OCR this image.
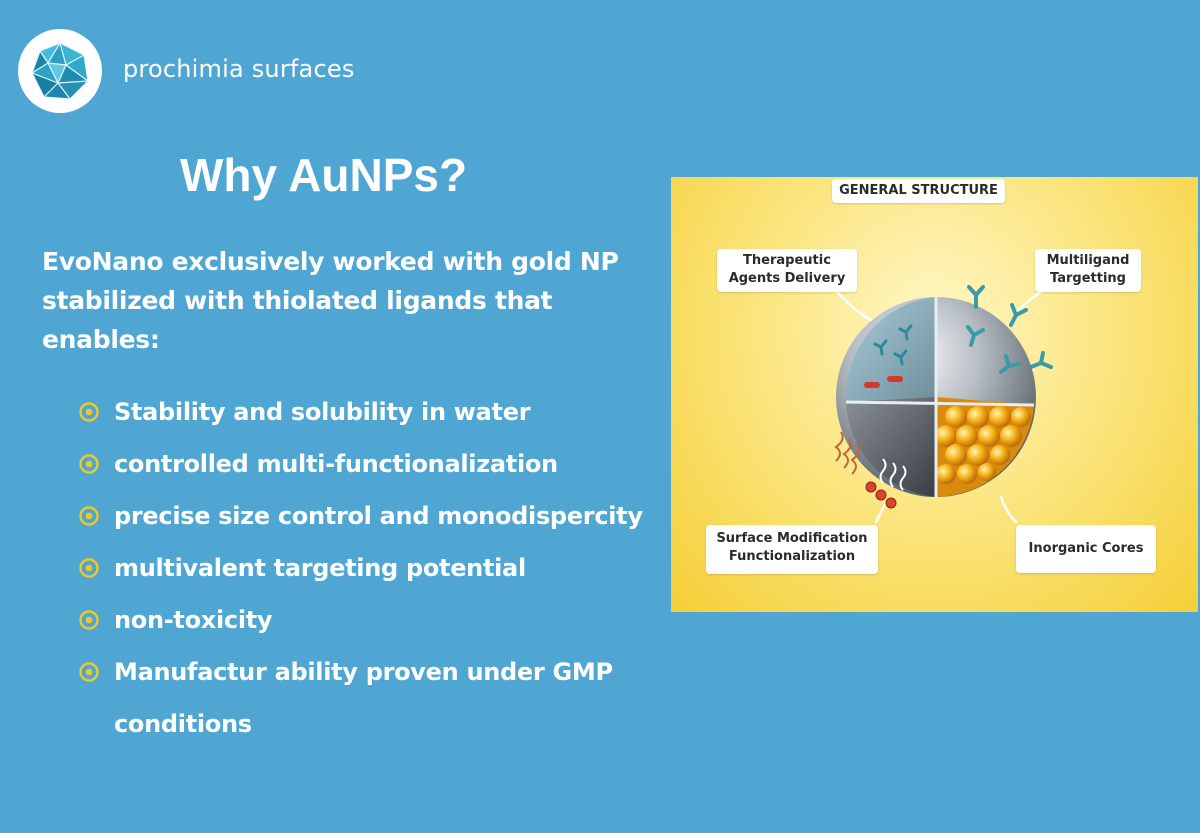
prochimia surfaces
Why AuNPs?
EvoNano exclusively worked with gold NP stabilized with thiolated ligands that enables:
Stability and solubility in water
controlled multi-functionalization
precise size control and monodispercity
multivalent targeting potential
non-toxicity
Manufactur ability proven under GMP conditions
GENERAL STRUCTURE
Therapeutic
Agents Delivery
Multiligand
Targetting
Surface Modification
Functionalization
Inorganic Cores
